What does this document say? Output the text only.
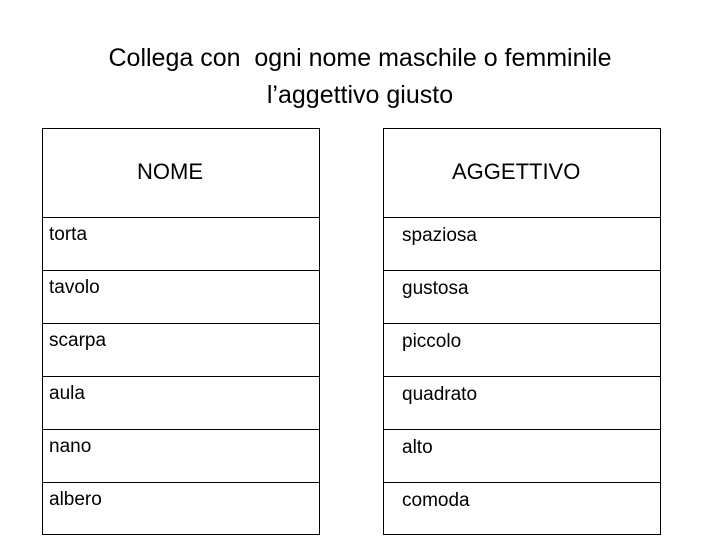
Collega con  ogni nome maschile o femminile
l’aggettivo giusto
NOME
torta
tavolo
scarpa
aula
nano
albero
AGGETTIVO
spaziosa
gustosa
piccolo
quadrato
alto
comoda
